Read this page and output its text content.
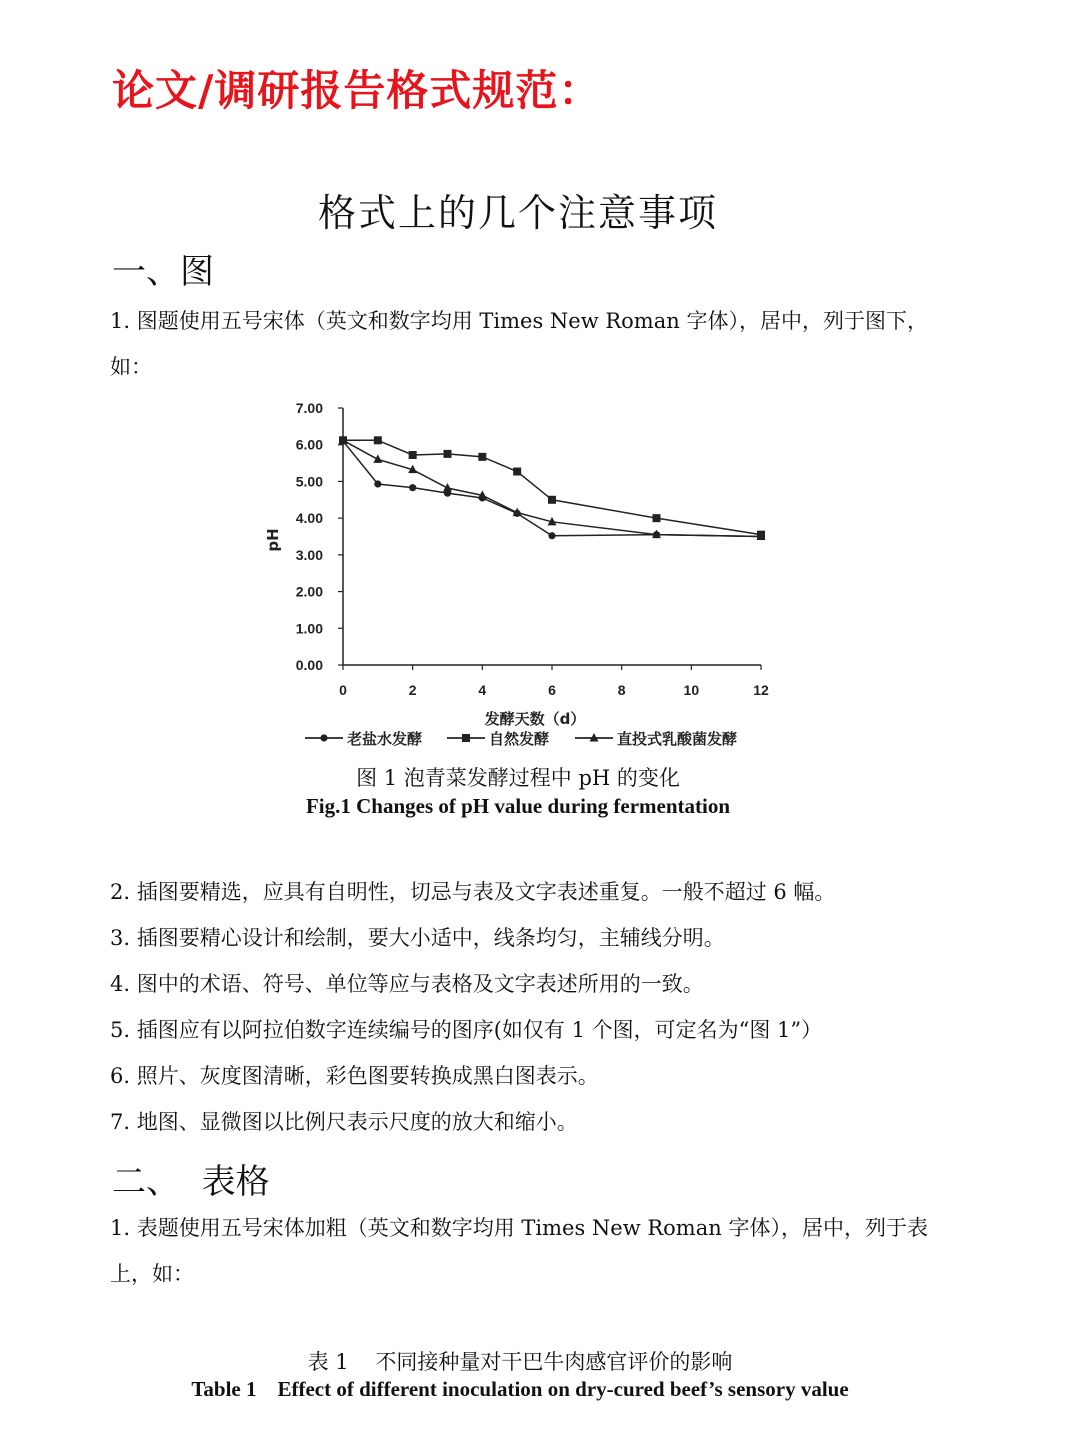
论文/调研报告格式规范：
格式上的几个注意事项
一、图

1. 图题使用五号宋体（英文和数字均用 Times New Roman 字体），居中，列于图下，如：

0.00
1.00
2.00
3.00
4.00
5.00
6.00
7.00
0	2	4	6	8	10	12
pH
发酵天数（d）
老盐水发酵	自然发酵	直投式乳酸菌发酵
图 1 泡青菜发酵过程中 pH 的变化
Fig.1 Changes of pH value during fermentation

2. 插图要精选，应具有自明性，切忌与表及文字表述重复。一般不超过 6 幅。

3. 插图要精心设计和绘制，要大小适中，线条均匀，主辅线分明。

4. 图中的术语、符号、单位等应与表格及文字表述所用的一致。

5. 插图应有以阿拉伯数字连续编号的图序(如仅有 1 个图，可定名为“图 1”）

6. 照片、灰度图清晰，彩色图要转换成黑白图表示。

7. 地图、显微图以比例尺表示尺度的放大和缩小。

二、  表格

1. 表题使用五号宋体加粗（英文和数字均用 Times New Roman 字体），居中，列于表上，如：

表 1    不同接种量对干巴牛肉感官评价的影响
Table 1    Effect of different inoculation on dry-cured beef’s sensory value
